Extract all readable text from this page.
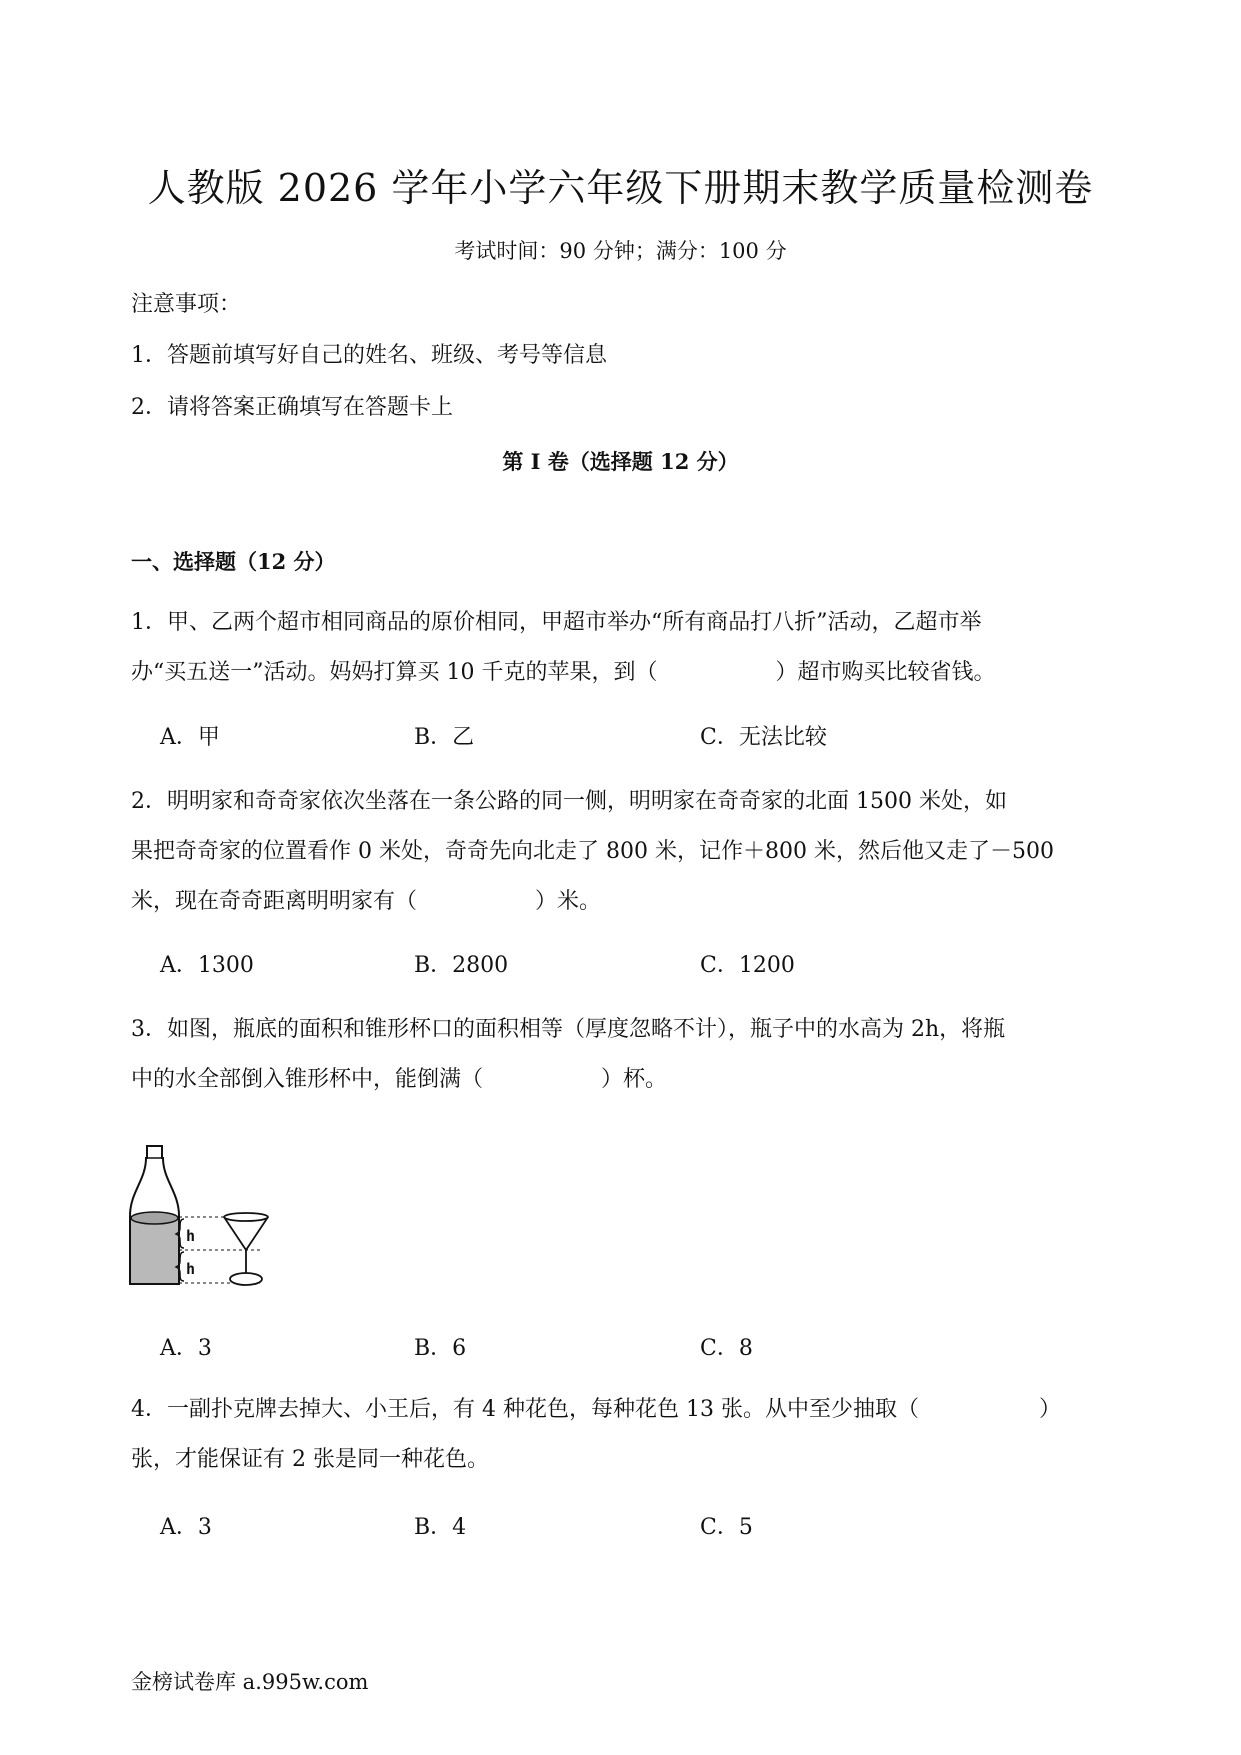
人教版 2026 学年小学六年级下册期末教学质量检测卷
考试时间：90 分钟；满分：100 分
注意事项：
1．答题前填写好自己的姓名、班级、考号等信息
2．请将答案正确填写在答题卡上
第 I 卷（选择题 12 分）
一、选择题（12 分）
1．甲、乙两个超市相同商品的原价相同，甲超市举办“所有商品打八折”活动，乙超市举
办“买五送一”活动。妈妈打算买 10 千克的苹果，到（	）超市购买比较省钱。
A．甲	B．乙	C．无法比较
2．明明家和奇奇家依次坐落在一条公路的同一侧，明明家在奇奇家的北面 1500 米处，如
果把奇奇家的位置看作 0 米处，奇奇先向北走了 800 米，记作＋800 米，然后他又走了－500
米，现在奇奇距离明明家有（	）米。
A．1300	B．2800	C．1200
3．如图，瓶底的面积和锥形杯口的面积相等（厚度忽略不计），瓶子中的水高为 2h，将瓶
中的水全部倒入锥形杯中，能倒满（	）杯。
h
h
A．3	B．6	C．8
4．一副扑克牌去掉大、小王后，有 4 种花色，每种花色 13 张。从中至少抽取（	）
张，才能保证有 2 张是同一种花色。
A．3	B．4	C．5
金榜试卷库 a.995w.com
